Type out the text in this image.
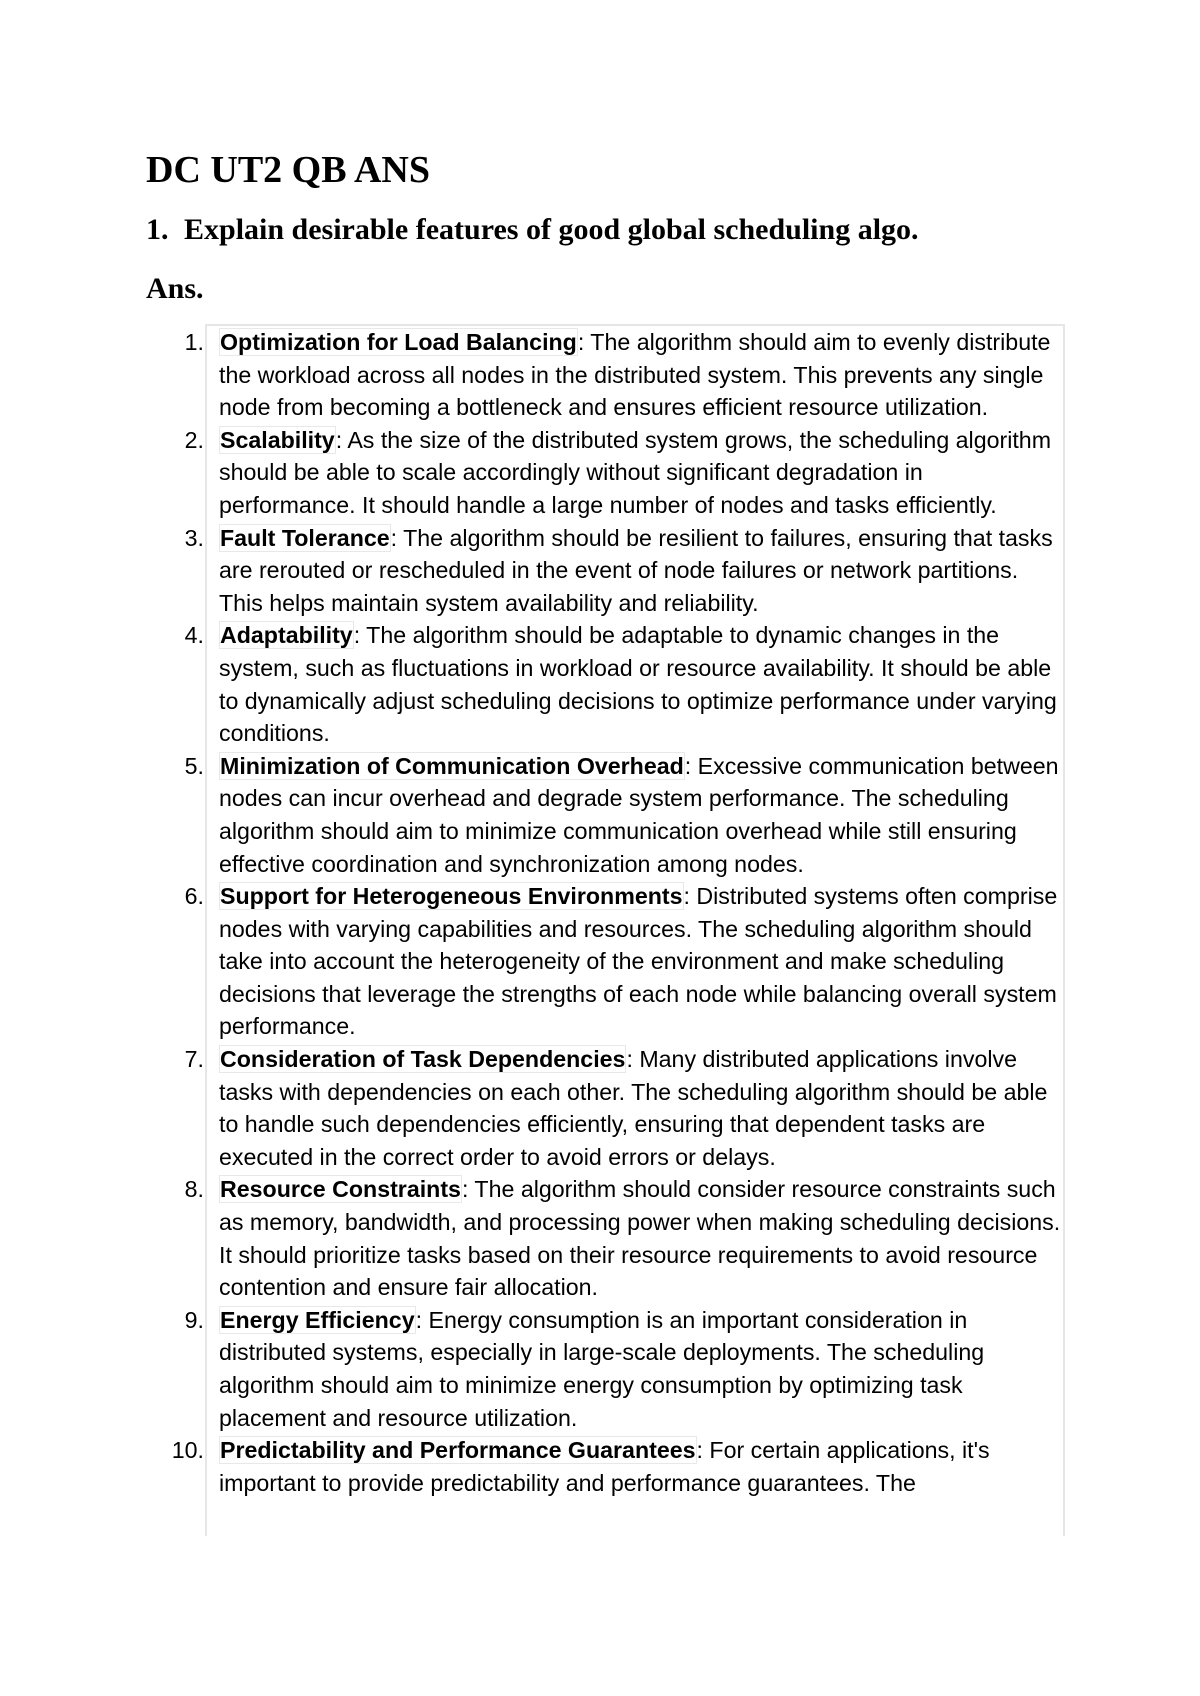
DC UT2 QB ANS
1. Explain desirable features of good global scheduling algo.
Ans.
1. Optimization for Load Balancing: The algorithm should aim to evenly distribute the workload across all nodes in the distributed system. This prevents any single node from becoming a bottleneck and ensures efficient resource utilization.
2. Scalability: As the size of the distributed system grows, the scheduling algorithm should be able to scale accordingly without significant degradation in performance. It should handle a large number of nodes and tasks efficiently.
3. Fault Tolerance: The algorithm should be resilient to failures, ensuring that tasks are rerouted or rescheduled in the event of node failures or network partitions. This helps maintain system availability and reliability.
4. Adaptability: The algorithm should be adaptable to dynamic changes in the system, such as fluctuations in workload or resource availability. It should be able to dynamically adjust scheduling decisions to optimize performance under varying conditions.
5. Minimization of Communication Overhead: Excessive communication between nodes can incur overhead and degrade system performance. The scheduling algorithm should aim to minimize communication overhead while still ensuring effective coordination and synchronization among nodes.
6. Support for Heterogeneous Environments: Distributed systems often comprise nodes with varying capabilities and resources. The scheduling algorithm should take into account the heterogeneity of the environment and make scheduling decisions that leverage the strengths of each node while balancing overall system performance.
7. Consideration of Task Dependencies: Many distributed applications involve tasks with dependencies on each other. The scheduling algorithm should be able to handle such dependencies efficiently, ensuring that dependent tasks are executed in the correct order to avoid errors or delays.
8. Resource Constraints: The algorithm should consider resource constraints such as memory, bandwidth, and processing power when making scheduling decisions. It should prioritize tasks based on their resource requirements to avoid resource contention and ensure fair allocation.
9. Energy Efficiency: Energy consumption is an important consideration in distributed systems, especially in large-scale deployments. The scheduling algorithm should aim to minimize energy consumption by optimizing task placement and resource utilization.
10. Predictability and Performance Guarantees: For certain applications, it's important to provide predictability and performance guarantees. The
